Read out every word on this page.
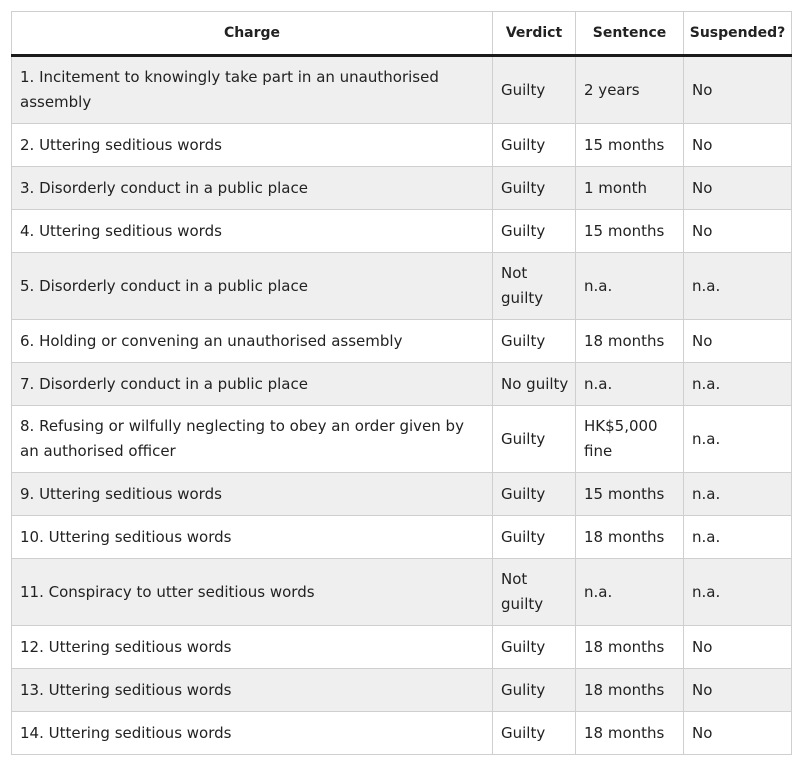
Charge	Verdict	Sentence	Suspended?
1. Incitement to knowingly take part in an unauthorised assembly	Guilty	2 years	No
2. Uttering seditious words	Guilty	15 months	No
3. Disorderly conduct in a public place	Guilty	1 month	No
4. Uttering seditious words	Guilty	15 months	No
5. Disorderly conduct in a public place	Not guilty	n.a.	n.a.
6. Holding or convening an unauthorised assembly	Guilty	18 months	No
7. Disorderly conduct in a public place	No guilty	n.a.	n.a.
8. Refusing or wilfully neglecting to obey an order given by an authorised officer	Guilty	HK$5,000 fine	n.a.
9. Uttering seditious words	Guilty	15 months	n.a.
10. Uttering seditious words	Guilty	18 months	n.a.
11. Conspiracy to utter seditious words	Not guilty	n.a.	n.a.
12. Uttering seditious words	Guilty	18 months	No
13. Uttering seditious words	Gulity	18 months	No
14. Uttering seditious words	Guilty	18 months	No
